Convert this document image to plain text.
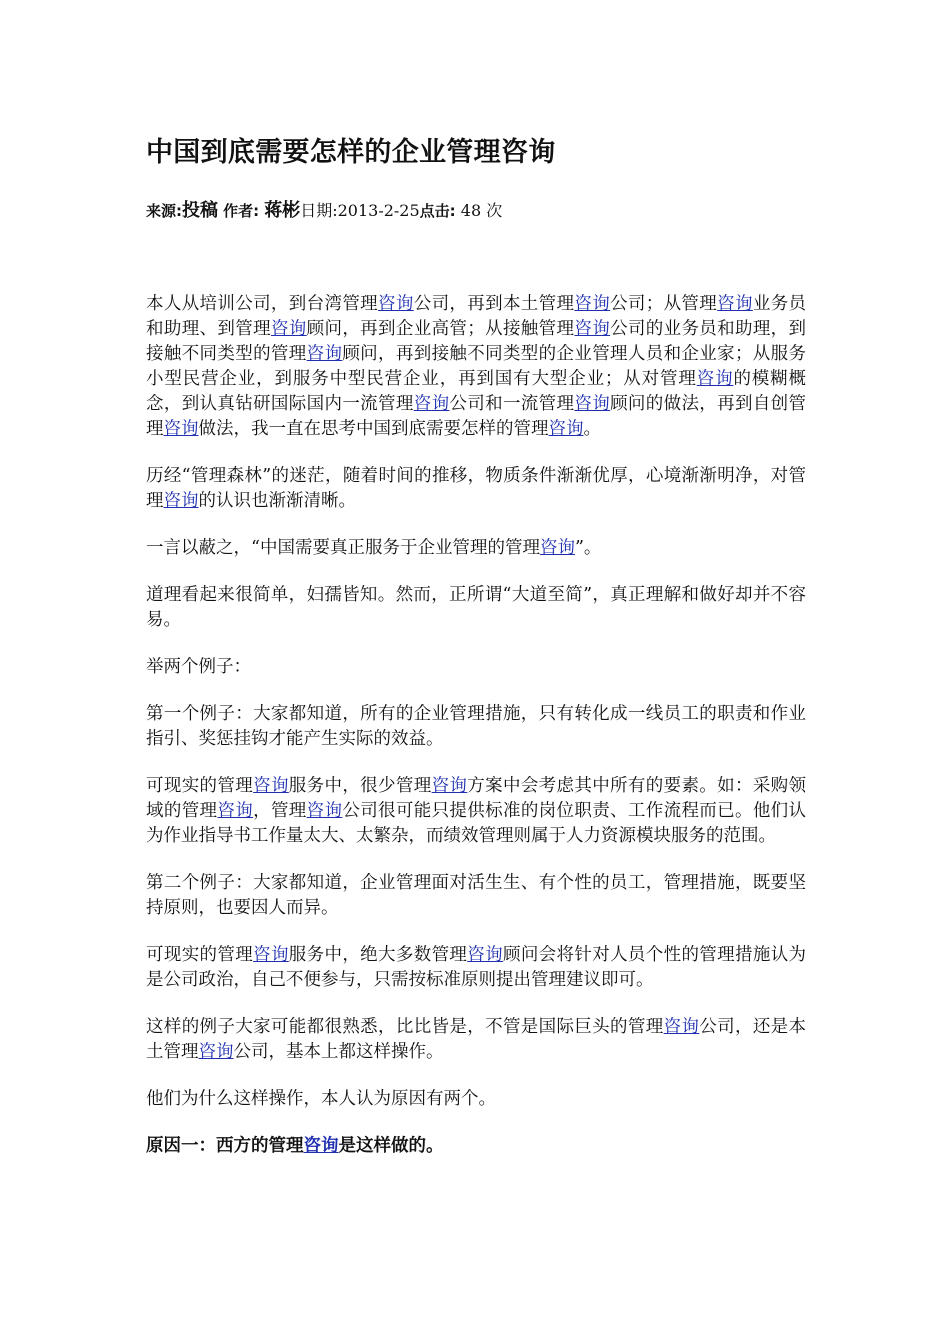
中国到底需要怎样的企业管理咨询
来源:投稿 作者: 蒋彬日期:2013-2-25点击: 48 次

本人从培训公司，到台湾管理咨询公司，再到本土管理咨询公司；从管理咨询业务员和助理、到管理咨询顾问，再到企业高管；从接触管理咨询公司的业务员和助理，到接触不同类型的管理咨询顾问，再到接触不同类型的企业管理人员和企业家；从服务小型民营企业，到服务中型民营企业，再到国有大型企业；从对管理咨询的模糊概念，到认真钻研国际国内一流管理咨询公司和一流管理咨询顾问的做法，再到自创管理咨询做法，我一直在思考中国到底需要怎样的管理咨询。

历经“管理森林”的迷茫，随着时间的推移，物质条件渐渐优厚，心境渐渐明净，对管理咨询的认识也渐渐清晰。

一言以蔽之，“中国需要真正服务于企业管理的管理咨询”。

道理看起来很简单，妇孺皆知。然而，正所谓“大道至简”，真正理解和做好却并不容易。

举两个例子：

第一个例子：大家都知道，所有的企业管理措施，只有转化成一线员工的职责和作业指引、奖惩挂钩才能产生实际的效益。

可现实的管理咨询服务中，很少管理咨询方案中会考虑其中所有的要素。如：采购领域的管理咨询，管理咨询公司很可能只提供标准的岗位职责、工作流程而已。他们认为作业指导书工作量太大、太繁杂，而绩效管理则属于人力资源模块服务的范围。

第二个例子：大家都知道，企业管理面对活生生、有个性的员工，管理措施，既要坚持原则，也要因人而异。

可现实的管理咨询服务中，绝大多数管理咨询顾问会将针对人员个性的管理措施认为是公司政治，自己不便参与，只需按标准原则提出管理建议即可。

这样的例子大家可能都很熟悉，比比皆是，不管是国际巨头的管理咨询公司，还是本土管理咨询公司，基本上都这样操作。

他们为什么这样操作，本人认为原因有两个。

原因一：西方的管理咨询是这样做的。
